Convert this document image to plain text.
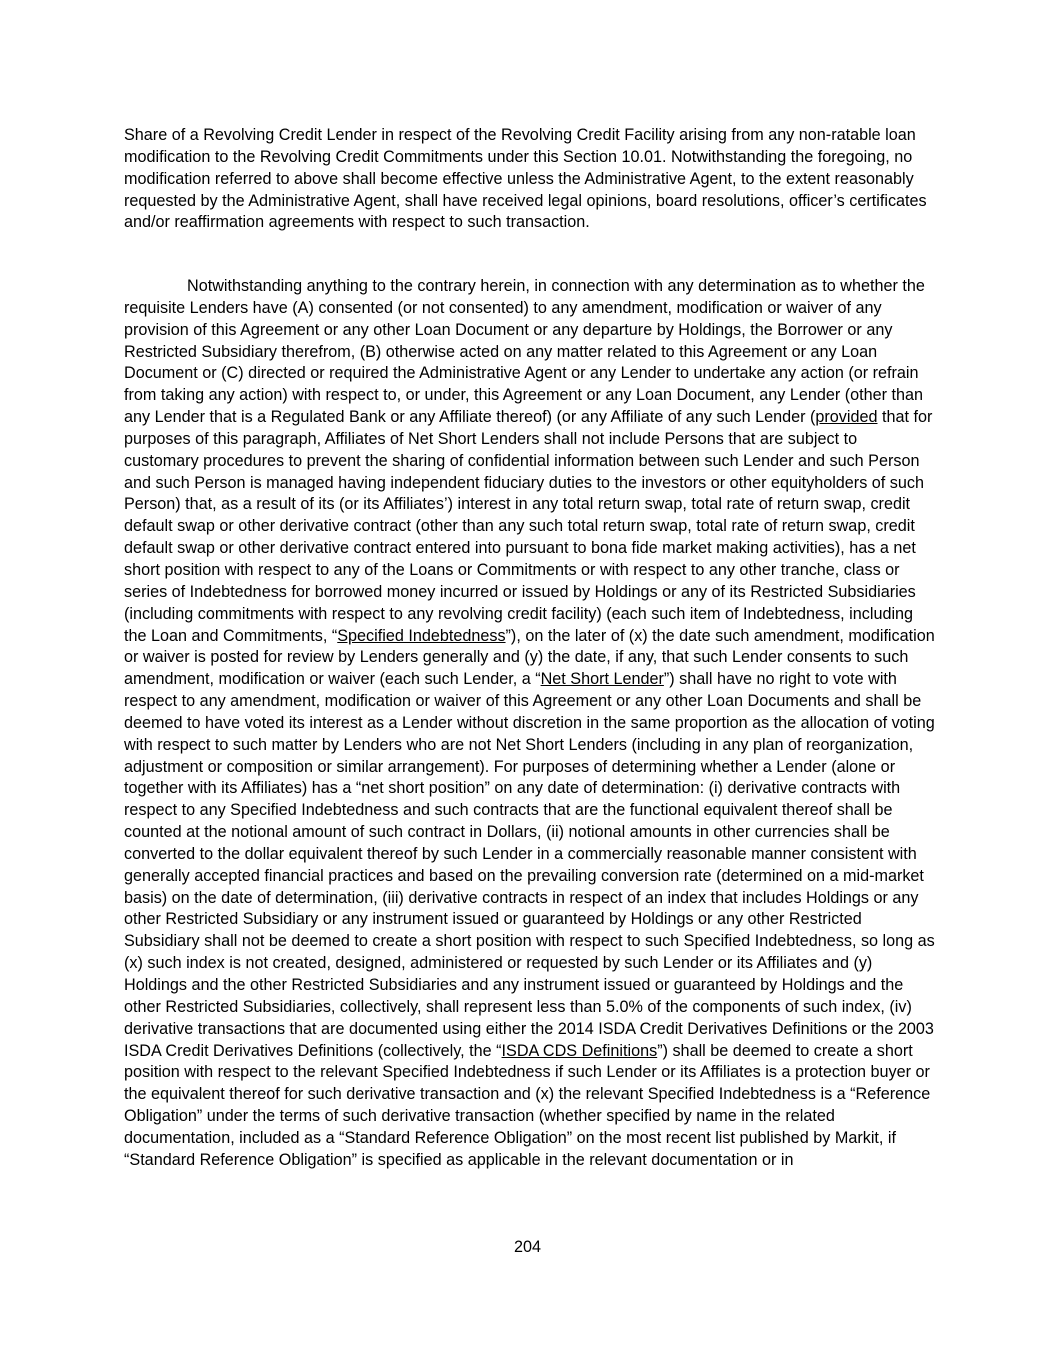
Share of a Revolving Credit Lender in respect of the Revolving Credit Facility arising from any non-ratable loan modification to the Revolving Credit Commitments under this Section 10.01. Notwithstanding the foregoing, no modification referred to above shall become effective unless the Administrative Agent, to the extent reasonably requested by the Administrative Agent, shall have received legal opinions, board resolutions, officer’s certificates and/or reaffirmation agreements with respect to such transaction.
Notwithstanding anything to the contrary herein, in connection with any determination as to whether the requisite Lenders have (A) consented (or not consented) to any amendment, modification or waiver of any provision of this Agreement or any other Loan Document or any departure by Holdings, the Borrower or any Restricted Subsidiary therefrom, (B) otherwise acted on any matter related to this Agreement or any Loan Document or (C) directed or required the Administrative Agent or any Lender to undertake any action (or refrain from taking any action) with respect to, or under, this Agreement or any Loan Document, any Lender (other than any Lender that is a Regulated Bank or any Affiliate thereof) (or any Affiliate of any such Lender (provided that for purposes of this paragraph, Affiliates of Net Short Lenders shall not include Persons that are subject to customary procedures to prevent the sharing of confidential information between such Lender and such Person and such Person is managed having independent fiduciary duties to the investors or other equityholders of such Person) that, as a result of its (or its Affiliates’) interest in any total return swap, total rate of return swap, credit default swap or other derivative contract (other than any such total return swap, total rate of return swap, credit default swap or other derivative contract entered into pursuant to bona fide market making activities), has a net short position with respect to any of the Loans or Commitments or with respect to any other tranche, class or series of Indebtedness for borrowed money incurred or issued by Holdings or any of its Restricted Subsidiaries (including commitments with respect to any revolving credit facility) (each such item of Indebtedness, including the Loan and Commitments, “Specified Indebtedness”), on the later of (x) the date such amendment, modification or waiver is posted for review by Lenders generally and (y) the date, if any, that such Lender consents to such amendment, modification or waiver (each such Lender, a “Net Short Lender”) shall have no right to vote with respect to any amendment, modification or waiver of this Agreement or any other Loan Documents and shall be deemed to have voted its interest as a Lender without discretion in the same proportion as the allocation of voting with respect to such matter by Lenders who are not Net Short Lenders (including in any plan of reorganization, adjustment or composition or similar arrangement). For purposes of determining whether a Lender (alone or together with its Affiliates) has a “net short position” on any date of determination: (i) derivative contracts with respect to any Specified Indebtedness and such contracts that are the functional equivalent thereof shall be counted at the notional amount of such contract in Dollars, (ii) notional amounts in other currencies shall be converted to the dollar equivalent thereof by such Lender in a commercially reasonable manner consistent with generally accepted financial practices and based on the prevailing conversion rate (determined on a mid-market basis) on the date of determination, (iii) derivative contracts in respect of an index that includes Holdings or any other Restricted Subsidiary or any instrument issued or guaranteed by Holdings or any other Restricted Subsidiary shall not be deemed to create a short position with respect to such Specified Indebtedness, so long as (x) such index is not created, designed, administered or requested by such Lender or its Affiliates and (y) Holdings and the other Restricted Subsidiaries and any instrument issued or guaranteed by Holdings and the other Restricted Subsidiaries, collectively, shall represent less than 5.0% of the components of such index, (iv) derivative transactions that are documented using either the 2014 ISDA Credit Derivatives Definitions or the 2003 ISDA Credit Derivatives Definitions (collectively, the “ISDA CDS Definitions”) shall be deemed to create a short position with respect to the relevant Specified Indebtedness if such Lender or its Affiliates is a protection buyer or the equivalent thereof for such derivative transaction and (x) the relevant Specified Indebtedness is a “Reference Obligation” under the terms of such derivative transaction (whether specified by name in the related documentation, included as a “Standard Reference Obligation” on the most recent list published by Markit, if “Standard Reference Obligation” is specified as applicable in the relevant documentation or in
204
